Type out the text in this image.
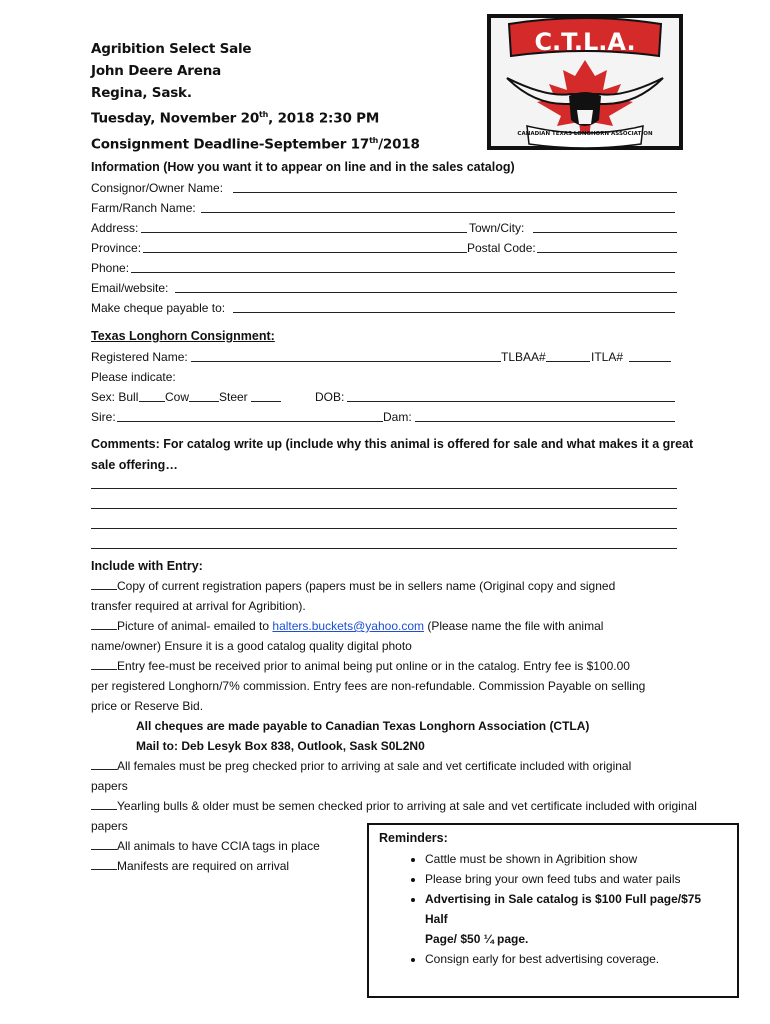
Agribition Select Sale
John Deere Arena
Regina, Sask.
Tuesday, November 20th, 2018 2:30 PM
Consignment Deadline-September 17th/2018
C.T.L.A.
CANADIAN TEXAS LONGHORN ASSOCIATION
Information (How you want it to appear on line and in the sales catalog)
Consignor/Owner Name:
Farm/Ranch Name:
Address:	Town/City:
Province:	Postal Code:
Phone:
Email/website:
Make cheque payable to:
Texas Longhorn Consignment:
Registered Name:	TLBAA#	ITLA#
Please indicate:
Sex: Bull Cow Steer	DOB:
Sire:	Dam:
Comments: For catalog write up (include why this animal is offered for sale and what makes it a great
sale offering…
Include with Entry:
Copy of current registration papers (papers must be in sellers name (Original copy and signed
transfer required at arrival for Agribition).
Picture of animal- emailed to halters.buckets@yahoo.com (Please name the file with animal
name/owner) Ensure it is a good catalog quality digital photo
Entry fee-must be received prior to animal being put online or in the catalog. Entry fee is $100.00
per registered Longhorn/7% commission. Entry fees are non-refundable. Commission Payable on selling
price or Reserve Bid.
All cheques are made payable to Canadian Texas Longhorn Association (CTLA)
Mail to: Deb Lesyk Box 838, Outlook, Sask S0L2N0
All females must be preg checked prior to arriving at sale and vet certificate included with original
papers
Yearling bulls & older must be semen checked prior to arriving at sale and vet certificate included with original
papers
All animals to have CCIA tags in place
Manifests are required on arrival
Reminders:
• Cattle must be shown in Agribition show
• Please bring your own feed tubs and water pails
• Advertising in Sale catalog is $100 Full page/$75 Half
Page/ $50 ¼ page.
• Consign early for best advertising coverage.
